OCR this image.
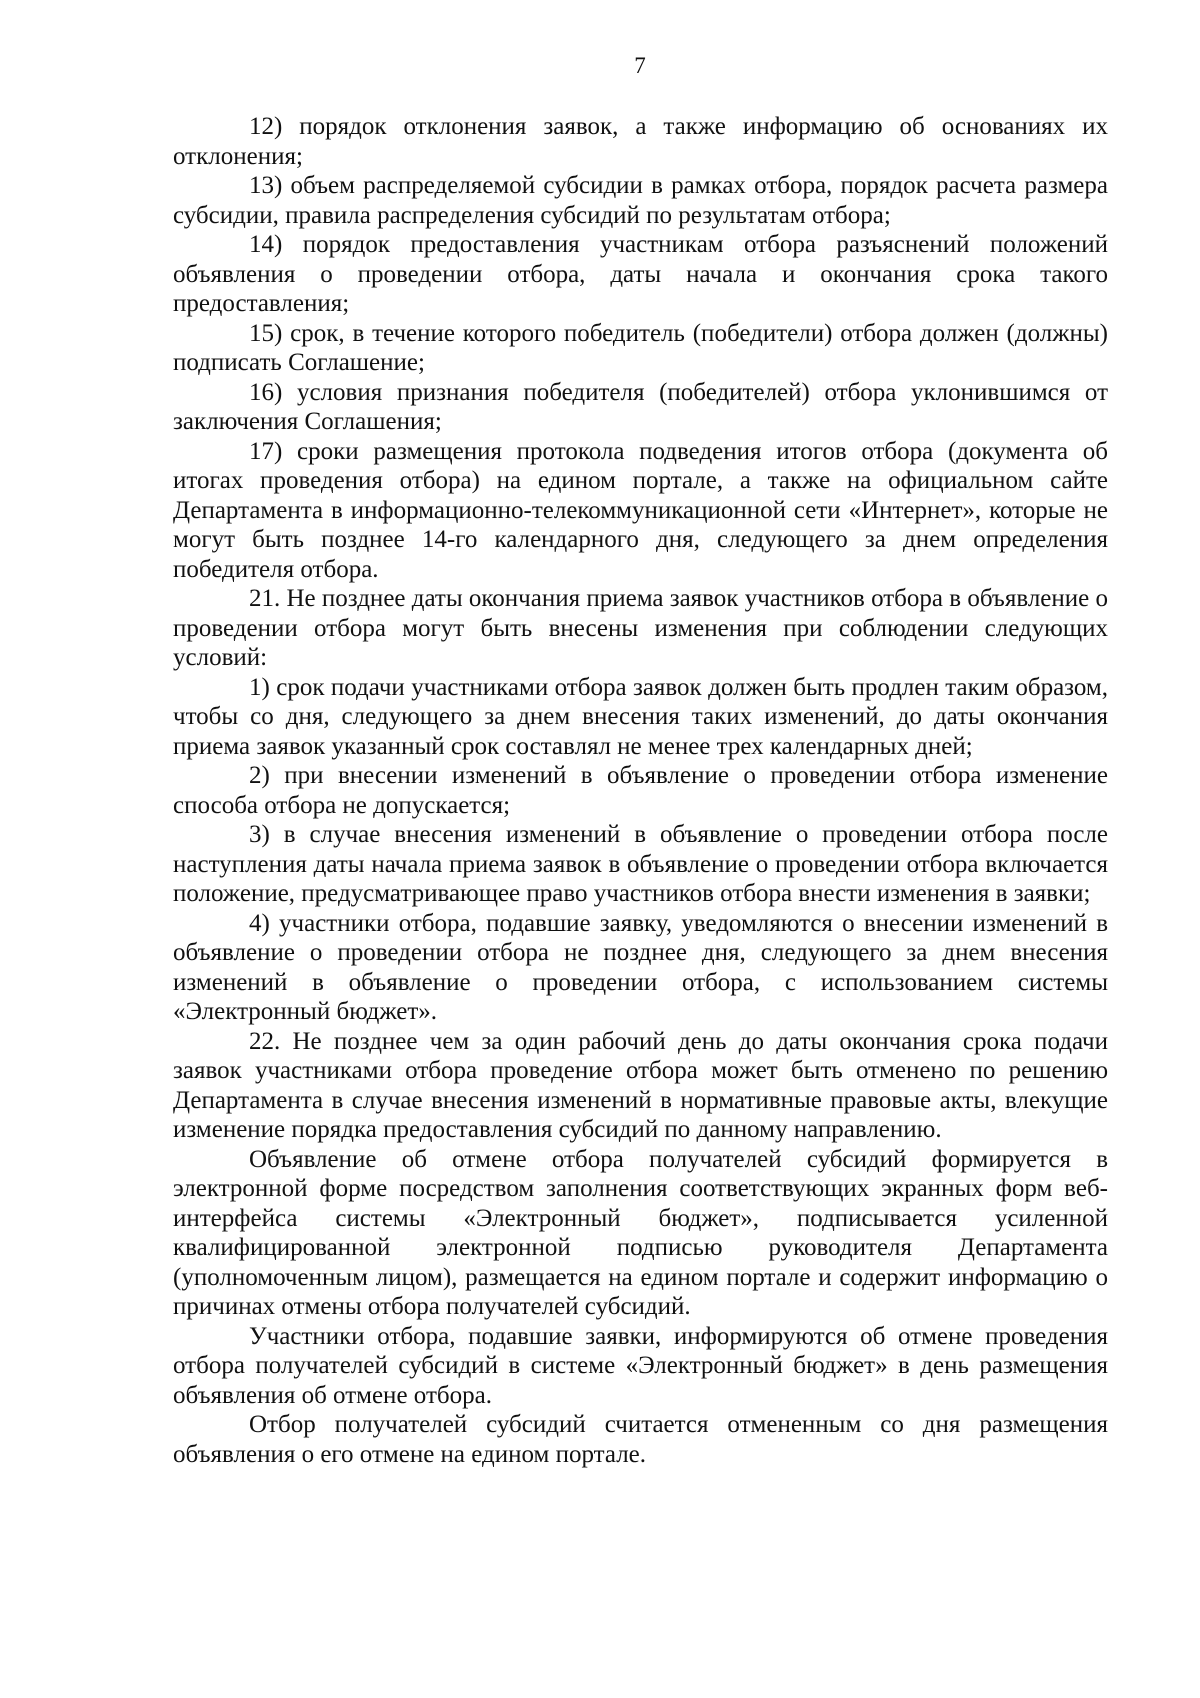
7

12) порядок отклонения заявок, а также информацию об основаниях их отклонения;

13) объем распределяемой субсидии в рамках отбора, порядок расчета размера субсидии, правила распределения субсидий по результатам отбора;

14) порядок предоставления участникам отбора разъяснений положений объявления о проведении отбора, даты начала и окончания срока такого предоставления;

15) срок, в течение которого победитель (победители) отбора должен (должны) подписать Соглашение;

16) условия признания победителя (победителей) отбора уклонившимся от заключения Соглашения;

17) сроки размещения протокола подведения итогов отбора (документа об итогах проведения отбора) на едином портале, а также на официальном сайте Департамента в информационно-телекоммуникационной сети «Интернет», которые не могут быть позднее 14-го календарного дня, следующего за днем определения победителя отбора.

21. Не позднее даты окончания приема заявок участников отбора в объявление о проведении отбора могут быть внесены изменения при соблюдении следующих условий:

1) срок подачи участниками отбора заявок должен быть продлен таким образом, чтобы со дня, следующего за днем внесения таких изменений, до даты окончания приема заявок указанный срок составлял не менее трех календарных дней;

2) при внесении изменений в объявление о проведении отбора изменение способа отбора не допускается;

3) в случае внесения изменений в объявление о проведении отбора после наступления даты начала приема заявок в объявление о проведении отбора включается положение, предусматривающее право участников отбора внести изменения в заявки;

4) участники отбора, подавшие заявку, уведомляются о внесении изменений в объявление о проведении отбора не позднее дня, следующего за днем внесения изменений в объявление о проведении отбора, с использованием системы «Электронный бюджет».

22. Не позднее чем за один рабочий день до даты окончания срока подачи заявок участниками отбора проведение отбора может быть отменено по решению Департамента в случае внесения изменений в нормативные правовые акты, влекущие изменение порядка предоставления субсидий по данному направлению.

Объявление об отмене отбора получателей субсидий формируется в электронной форме посредством заполнения соответствующих экранных форм веб-интерфейса системы «Электронный бюджет», подписывается усиленной квалифицированной электронной подписью руководителя Департамента (уполномоченным лицом), размещается на едином портале и содержит информацию о причинах отмены отбора получателей субсидий.

Участники отбора, подавшие заявки, информируются об отмене проведения отбора получателей субсидий в системе «Электронный бюджет» в день размещения объявления об отмене отбора.

Отбор получателей субсидий считается отмененным со дня размещения объявления о его отмене на едином портале.
